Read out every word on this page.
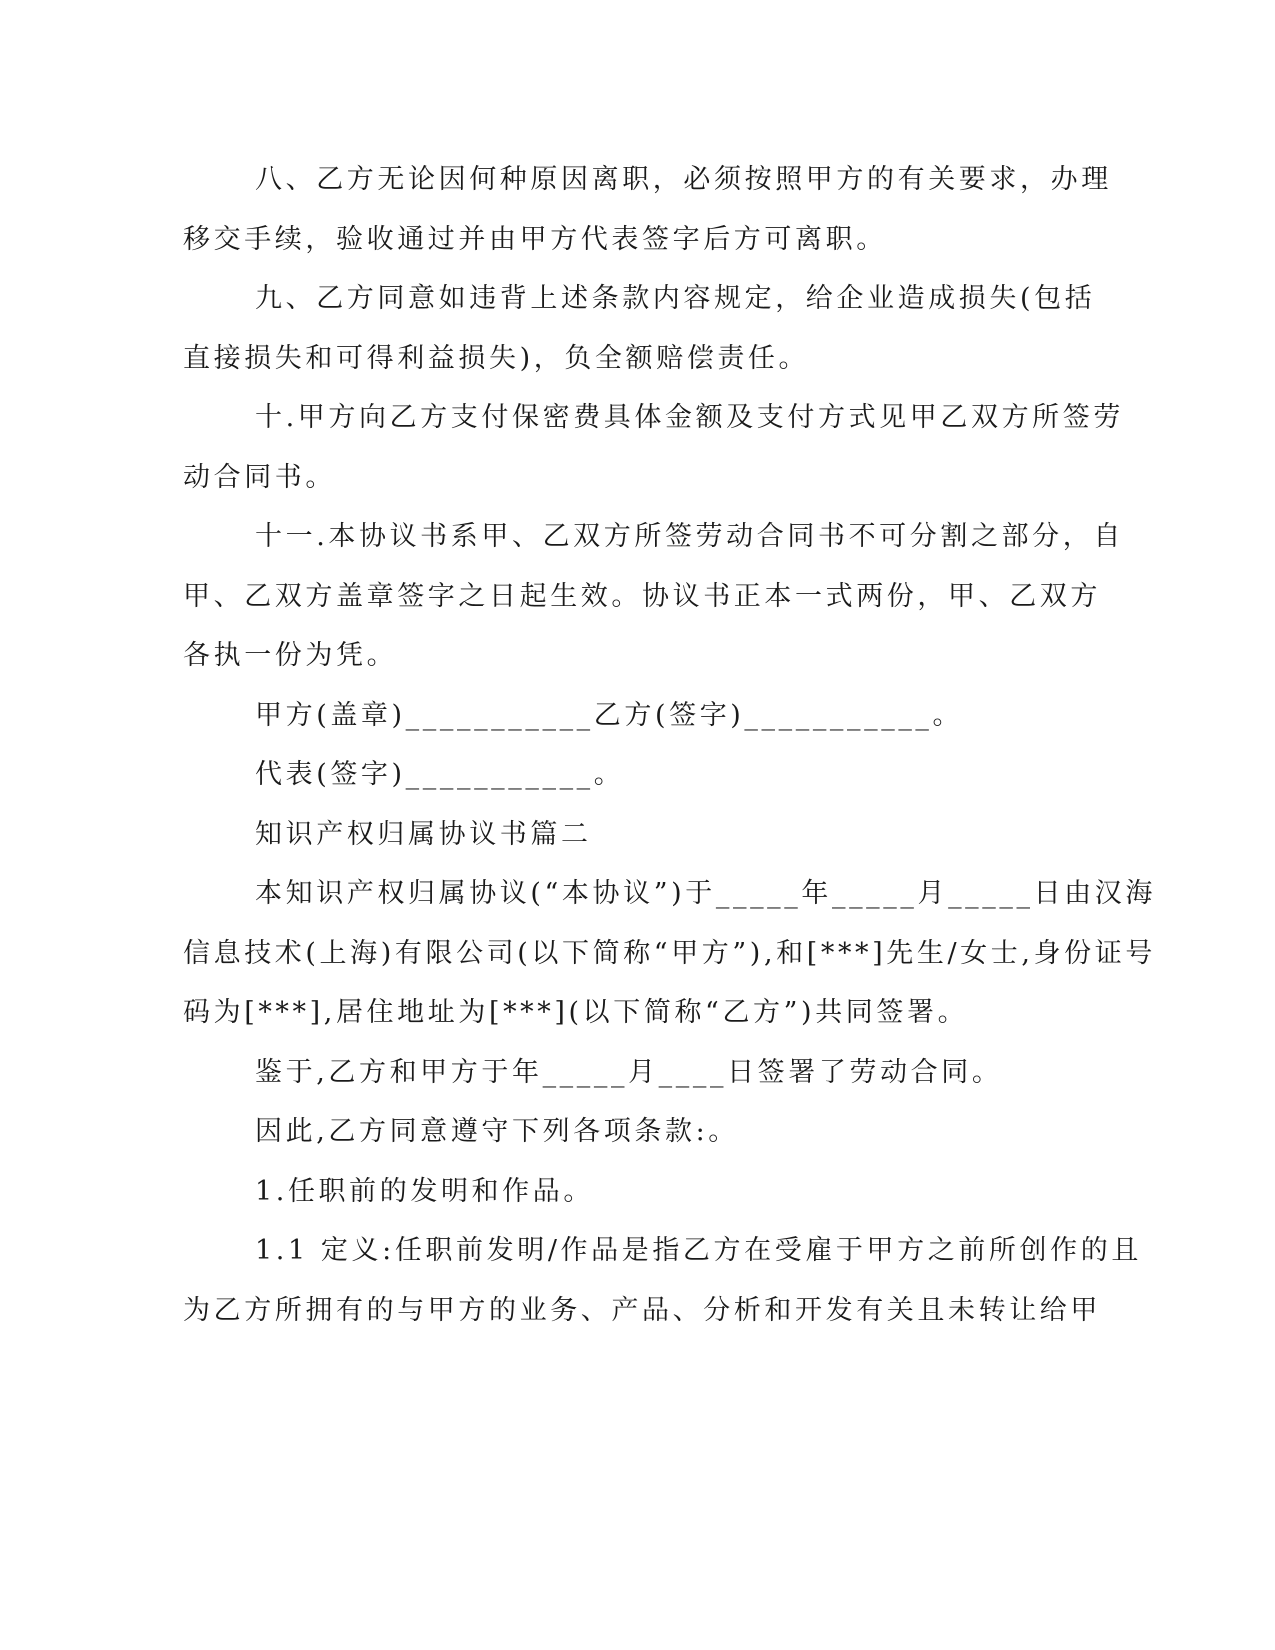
八、乙方无论因何种原因离职，必须按照甲方的有关要求，办理
移交手续，验收通过并由甲方代表签字后方可离职。
九、乙方同意如违背上述条款内容规定，给企业造成损失(包括
直接损失和可得利益损失)，负全额赔偿责任。
十.甲方向乙方支付保密费具体金额及支付方式见甲乙双方所签劳
动合同书。
十一.本协议书系甲、乙双方所签劳动合同书不可分割之部分，自
甲、乙双方盖章签字之日起生效。协议书正本一式两份，甲、乙双方
各执一份为凭。
甲方(盖章)___________乙方(签字)___________。
代表(签字)___________。
知识产权归属协议书篇二
本知识产权归属协议(“本协议”)于_____年_____月_____日由汉海
信息技术(上海)有限公司(以下简称“甲方”),和[***]先生/女士,身份证号
码为[***],居住地址为[***](以下简称“乙方”)共同签署。
鉴于,乙方和甲方于年_____月____日签署了劳动合同。
因此,乙方同意遵守下列各项条款:。
1.任职前的发明和作品。
1.1 定义:任职前发明/作品是指乙方在受雇于甲方之前所创作的且
为乙方所拥有的与甲方的业务、产品、分析和开发有关且未转让给甲
